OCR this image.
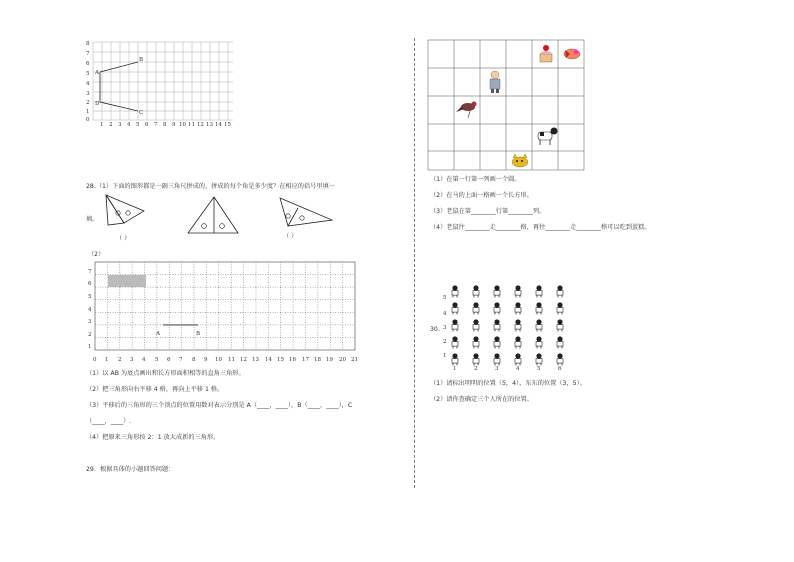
A
B
D
C
8
7
6
5
4
3
2
1
0
1 2 3 4 5 6 7 8 9 10 11 12 13 14 15
28.（1）下面的图形都是一副三角尺拼成的，拼成的每个角是多少度？在相应的括号里填一
填。
（ ）	（ ）
（2）
A	B
7
6
5
4
3
2
1
0 1 2 3 4 5 6 7 8 9 10 11 12 13 14 15 16 17 18 19 20 21
（1）以 AB 为底点画出和长方形面积相等的直角三角形。
（2）把三角形向右平移 4 格，再向上平移 1 格。
（3）平移后的三角形的三个顶点的位置用数对表示分别是 A（____，____），B（____，____），C
（____，____）.
（4）把原来三角形按 2：1 放大成新的三角形。
29．根据具体的小题回答问题：
（1）在第一行第一列画一个圆。
（2）在马的上面一格画一个长方形。
（3）老鼠在第________行第________列。
（4）老鼠往________走________格，再往________走________格可以吃到蛋糕。
30.
5
4
3
2
1
1	2	3	4	5	6
（1）请标出明明的位置（5，4），东东的位置（3，5）。
（2）请你查确定三个人所在的位置。
